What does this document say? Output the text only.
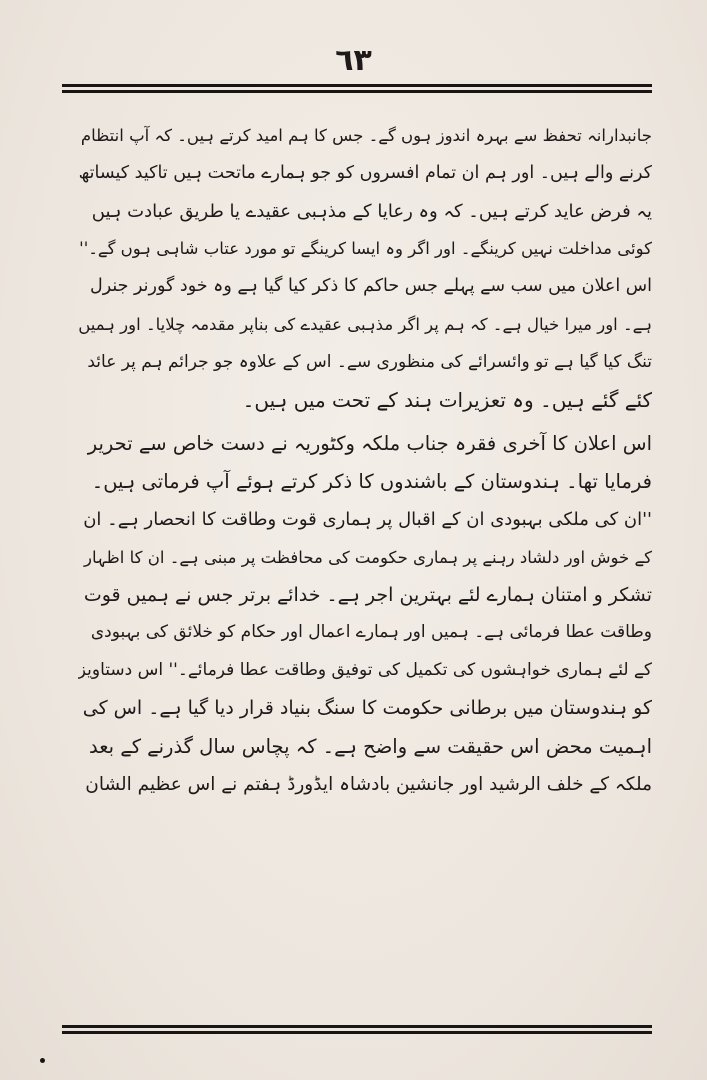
٦٣
جانبدارانہ تحفظ سے بہرہ اندوز ہوں گے۔ جس کا ہم امید کرتے ہیں۔ کہ آپ انتظام
کرنے والے ہیں۔ اور ہم ان تمام افسروں کو جو ہمارے ماتحت ہیں تاکید کیساتھ
یہ فرض عاید کرتے ہیں۔ کہ وہ رعایا کے مذہبی عقیدے یا طریق عبادت ہیں
کوئی مداخلت نہیں کرینگے۔ اور اگر وہ ایسا کرینگے تو مورد عتاب شاہی ہوں گے۔''
اس اعلان میں سب سے پہلے جس حاکم کا ذکر کیا گیا ہے وہ خود گورنر جنرل
ہے۔ اور میرا خیال ہے۔ کہ ہم پر اگر مذہبی عقیدے کی بناپر مقدمہ چلایا۔ اور ہمیں
تنگ کیا گیا ہے تو وائسرائے کی منظوری سے۔ اس کے علاوہ جو جرائم ہم پر عائد
کئے گئے ہیں۔ وہ تعزیرات ہند کے تحت میں ہیں۔
اس اعلان کا آخری فقرہ جناب ملکہ وکٹوریہ نے دست خاص سے تحریر
فرمایا تھا۔ ہندوستان کے باشندوں کا ذکر کرتے ہوئے آپ فرماتی ہیں۔
''ان کی ملکی بہبودی ان کے اقبال پر ہماری قوت وطاقت کا انحصار ہے۔ ان
کے خوش اور دلشاد رہنے پر ہماری حکومت کی محافظت پر مبنی ہے۔ ان کا اظہار
تشکر و امتنان ہمارے لئے بہترین اجر ہے۔ خدائے برتر جس نے ہمیں قوت
وطاقت عطا فرمائی ہے۔ ہمیں اور ہمارے اعمال اور حکام کو خلائق کی بہبودی
کے لئے ہماری خواہشوں کی تکمیل کی توفیق وطاقت عطا فرمائے۔'' اس دستاویز
کو ہندوستان میں برطانی حکومت کا سنگ بنیاد قرار دیا گیا ہے۔ اس کی
اہمیت محض اس حقیقت سے واضح ہے۔ کہ پچاس سال گذرنے کے بعد
ملکہ کے خلف الرشید اور جانشین بادشاہ ایڈورڈ ہفتم نے اس عظیم الشان
